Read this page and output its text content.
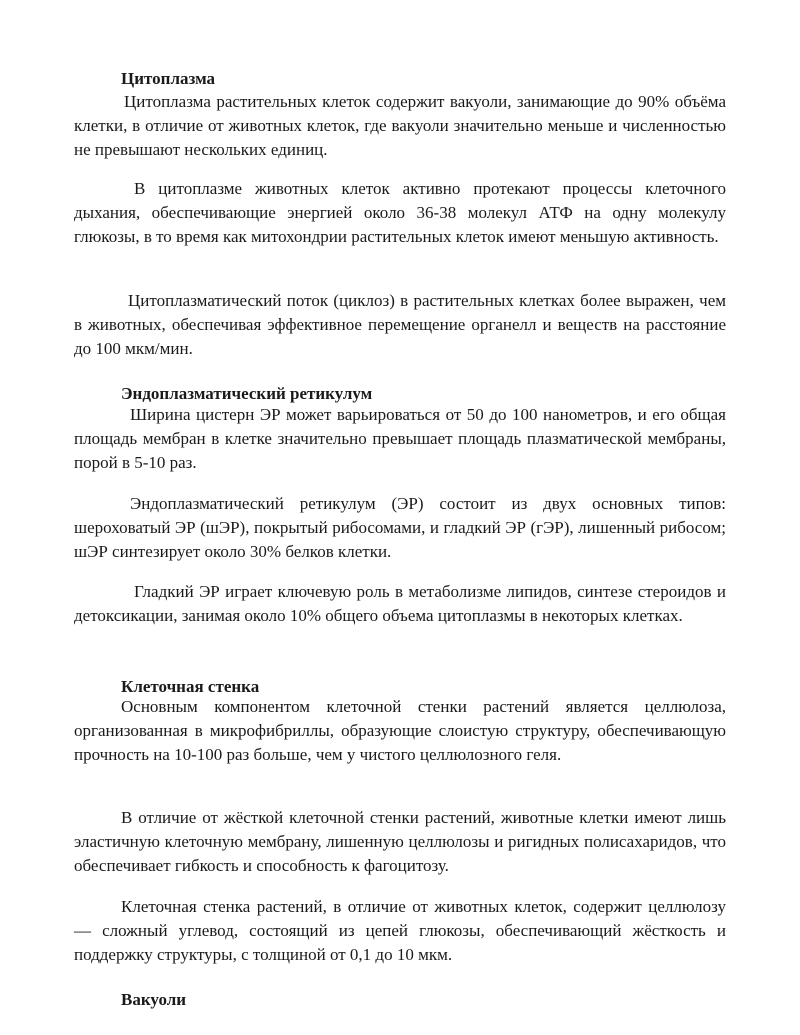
Цитоплазма

Цитоплазма растительных клеток содержит вакуоли, занимающие до 90% объёма клетки, в отличие от животных клеток, где вакуоли значительно меньше и численностью не превышают нескольких единиц.

В цитоплазме животных клеток активно протекают процессы клеточного дыхания, обеспечивающие энергией около 36-38 молекул АТФ на одну молекулу глюкозы, в то время как митохондрии растительных клеток имеют меньшую активность.

Цитоплазматический поток (циклоз) в растительных клетках более выражен, чем в животных, обеспечивая эффективное перемещение органелл и веществ на расстояние до 100 мкм/мин.

Эндоплазматический ретикулум

Ширина цистерн ЭР может варьироваться от 50 до 100 нанометров, и его общая площадь мембран в клетке значительно превышает площадь плазматической мембраны, порой в 5-10 раз.

Эндоплазматический ретикулум (ЭР) состоит из двух основных типов: шероховатый ЭР (шЭР), покрытый рибосомами, и гладкий ЭР (гЭР), лишенный рибосом; шЭР синтезирует около 30% белков клетки.

Гладкий ЭР играет ключевую роль в метаболизме липидов, синтезе стероидов и детоксикации, занимая около 10% общего объема цитоплазмы в некоторых клетках.

Клеточная стенка

Основным компонентом клеточной стенки растений является целлюлоза, организованная в микрофибриллы, образующие слоистую структуру, обеспечивающую прочность на 10-100 раз больше, чем у чистого целлюлозного геля.

В отличие от жёсткой клеточной стенки растений, животные клетки имеют лишь эластичную клеточную мембрану, лишенную целлюлозы и ригидных полисахаридов, что обеспечивает гибкость и способность к фагоцитозу.

Клеточная стенка растений, в отличие от животных клеток, содержит целлюлозу — сложный углевод, состоящий из цепей глюкозы, обеспечивающий жёсткость и поддержку структуры, с толщиной от 0,1 до 10 мкм.

Вакуоли
